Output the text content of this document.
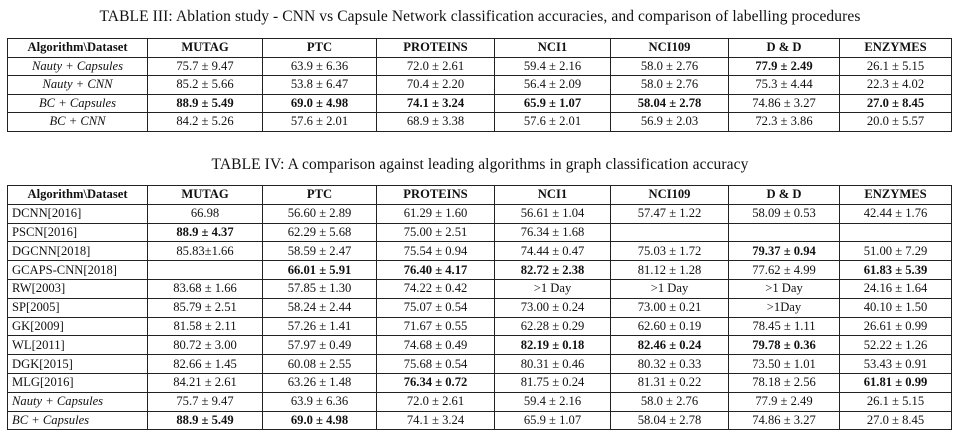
TABLE III: Ablation study - CNN vs Capsule Network classification accuracies, and comparison of labelling procedures
Algorithm\Dataset	MUTAG	PTC	PROTEINS	NCI1	NCI109	D & D	ENZYMES
Nauty + Capsules	75.7 ± 9.47	63.9 ± 6.36	72.0 ± 2.61	59.4 ± 2.16	58.0 ± 2.76	77.9 ± 2.49	26.1 ± 5.15
Nauty + CNN	85.2 ± 5.66	53.8 ± 6.47	70.4 ± 2.20	56.4 ± 2.09	58.0 ± 2.76	75.3 ± 4.44	22.3 ± 4.02
BC + Capsules	88.9 ± 5.49	69.0 ± 4.98	74.1 ± 3.24	65.9 ± 1.07	58.04 ± 2.78	74.86 ± 3.27	27.0 ± 8.45
BC + CNN	84.2 ± 5.26	57.6 ± 2.01	68.9 ± 3.38	57.6 ± 2.01	56.9 ± 2.03	72.3 ± 3.86	20.0 ± 5.57
TABLE IV: A comparison against leading algorithms in graph classification accuracy
Algorithm\Dataset	MUTAG	PTC	PROTEINS	NCI1	NCI109	D & D	ENZYMES
DCNN[2016]	66.98	56.60 ± 2.89	61.29 ± 1.60	56.61 ± 1.04	57.47 ± 1.22	58.09 ± 0.53	42.44 ± 1.76
PSCN[2016]	88.9 ± 4.37	62.29 ± 5.68	75.00 ± 2.51	76.34 ± 1.68			
DGCNN[2018]	85.83±1.66	58.59 ± 2.47	75.54 ± 0.94	74.44 ± 0.47	75.03 ± 1.72	79.37 ± 0.94	51.00 ± 7.29
GCAPS-CNN[2018]		66.01 ± 5.91	76.40 ± 4.17	82.72 ± 2.38	81.12 ± 1.28	77.62 ± 4.99	61.83 ± 5.39
RW[2003]	83.68 ± 1.66	57.85 ± 1.30	74.22 ± 0.42	>1 Day	>1 Day	>1 Day	24.16 ± 1.64
SP[2005]	85.79 ± 2.51	58.24 ± 2.44	75.07 ± 0.54	73.00 ± 0.24	73.00 ± 0.21	>1Day	40.10 ± 1.50
GK[2009]	81.58 ± 2.11	57.26 ± 1.41	71.67 ± 0.55	62.28 ± 0.29	62.60 ± 0.19	78.45 ± 1.11	26.61 ± 0.99
WL[2011]	80.72 ± 3.00	57.97 ± 0.49	74.68 ± 0.49	82.19 ± 0.18	82.46 ± 0.24	79.78 ± 0.36	52.22 ± 1.26
DGK[2015]	82.66 ± 1.45	60.08 ± 2.55	75.68 ± 0.54	80.31 ± 0.46	80.32 ± 0.33	73.50 ± 1.01	53.43 ± 0.91
MLG[2016]	84.21 ± 2.61	63.26 ± 1.48	76.34 ± 0.72	81.75 ± 0.24	81.31 ± 0.22	78.18 ± 2.56	61.81 ± 0.99
Nauty + Capsules	75.7 ± 9.47	63.9 ± 6.36	72.0 ± 2.61	59.4 ± 2.16	58.0 ± 2.76	77.9 ± 2.49	26.1 ± 5.15
BC + Capsules	88.9 ± 5.49	69.0 ± 4.98	74.1 ± 3.24	65.9 ± 1.07	58.04 ± 2.78	74.86 ± 3.27	27.0 ± 8.45
